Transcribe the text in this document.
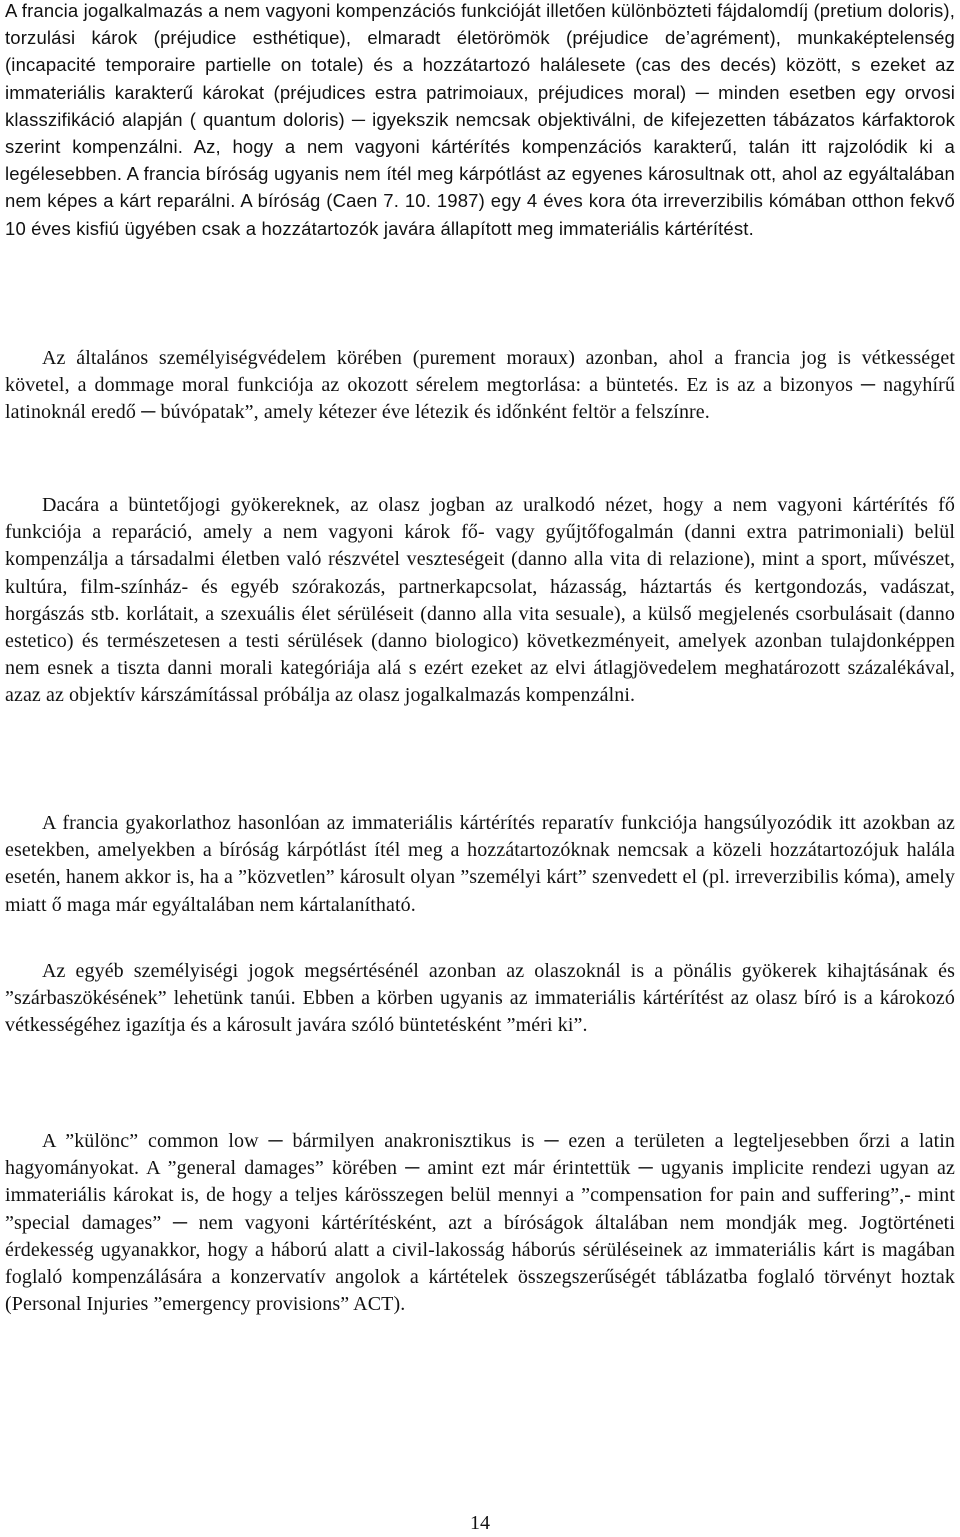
A francia jogalkalmazás a nem vagyoni kompenzációs funkcióját illetően különbözteti fájdalomdíj (pretium doloris), torzulási károk (préjudice esthétique), elmaradt életörömök (préjudice de’agrément), munkaképtelenség (incapacité temporaire partielle on totale) és a hozzátartozó halálesete (cas des decés) között, s ezeket az immateriális karakterű károkat (préjudices estra patrimoiaux, préjudices moral) ─ minden esetben egy orvosi klasszifikáció alapján ( quantum doloris) ─ igyekszik nemcsak objektiválni, de kifejezetten tábázatos kárfaktorok szerint kompenzálni. Az, hogy a nem vagyoni kártérítés kompenzációs karakterű, talán itt rajzolódik ki a legélesebben. A francia bíróság ugyanis nem ítél meg kárpótlást az egyenes károsultnak ott, ahol az egyáltalában nem képes a kárt reparálni. A bíróság (Caen 7. 10. 1987) egy 4 éves kora óta irreverzibilis kómában otthon fekvő 10 éves kisfiú ügyében csak a hozzátartozók javára állapított meg immateriális kártérítést.

Az általános személyiségvédelem körében (purement moraux) azonban, ahol a francia jog is vétkességet követel, a dommage moral funkciója az okozott sérelem megtorlása: a büntetés. Ez is az a bizonyos ─ nagyhírű latinoknál eredő ─ búvópatak”, amely kétezer éve létezik és időnként feltör a felszínre.

Dacára a büntetőjogi gyökereknek, az olasz jogban az uralkodó nézet, hogy a nem vagyoni kártérítés fő funkciója a reparáció, amely a nem vagyoni károk fő- vagy gyűjtőfogalmán (danni extra patrimoniali) belül kompenzálja a társadalmi életben való részvétel veszteségeit (danno alla vita di relazione), mint a sport, művészet, kultúra, film-színház- és egyéb szórakozás, partnerkapcsolat, házasság, háztartás és kertgondozás, vadászat, horgászás stb. korlátait, a szexuális élet sérüléseit (danno alla vita sesuale), a külső megjelenés csorbulásait (danno estetico) és természetesen a testi sérülések (danno biologico) következményeit, amelyek azonban tulajdonképpen nem esnek a tiszta danni morali kategóriája alá s ezért ezeket az elvi átlagjövedelem meghatározott százalékával, azaz az objektív kárszámítással próbálja az olasz jogalkalmazás kompenzálni.

A francia gyakorlathoz hasonlóan az immateriális kártérítés reparatív funkciója hangsúlyozódik itt azokban az esetekben, amelyekben a bíróság kárpótlást ítél meg a hozzátartozóknak nemcsak a közeli hozzátartozójuk halála esetén, hanem akkor is, ha a ”közvetlen” károsult olyan ”személyi kárt” szenvedett el (pl. irreverzibilis kóma), amely miatt ő maga már egyáltalában nem kártalanítható.

Az egyéb személyiségi jogok megsértésénél azonban az olaszoknál is a pönális gyökerek kihajtásának és ”szárbaszökésének” lehetünk tanúi. Ebben a körben ugyanis az immateriális kártérítést az olasz bíró is a károkozó vétkességéhez igazítja és a károsult javára szóló büntetésként ”méri ki”.

A ”különc” common low ─ bármilyen anakronisztikus is ─ ezen a területen a legteljesebben őrzi a latin hagyományokat. A ”general damages” körében ─ amint ezt már érintettük ─ ugyanis implicite rendezi ugyan az immateriális károkat is, de hogy a teljes kárösszegen belül mennyi a ”compensation for pain and suffering”,- mint ”special damages” ─ nem vagyoni kártérítésként, azt a bíróságok általában nem mondják meg. Jogtörténeti érdekesség ugyanakkor, hogy a háború alatt a civil-lakosság háborús sérüléseinek az immateriális kárt is magában foglaló kompenzálására a konzervatív angolok a kártételek összegszerűségét táblázatba foglaló törvényt hoztak (Personal Injuries ”emergency provisions” ACT).

14
